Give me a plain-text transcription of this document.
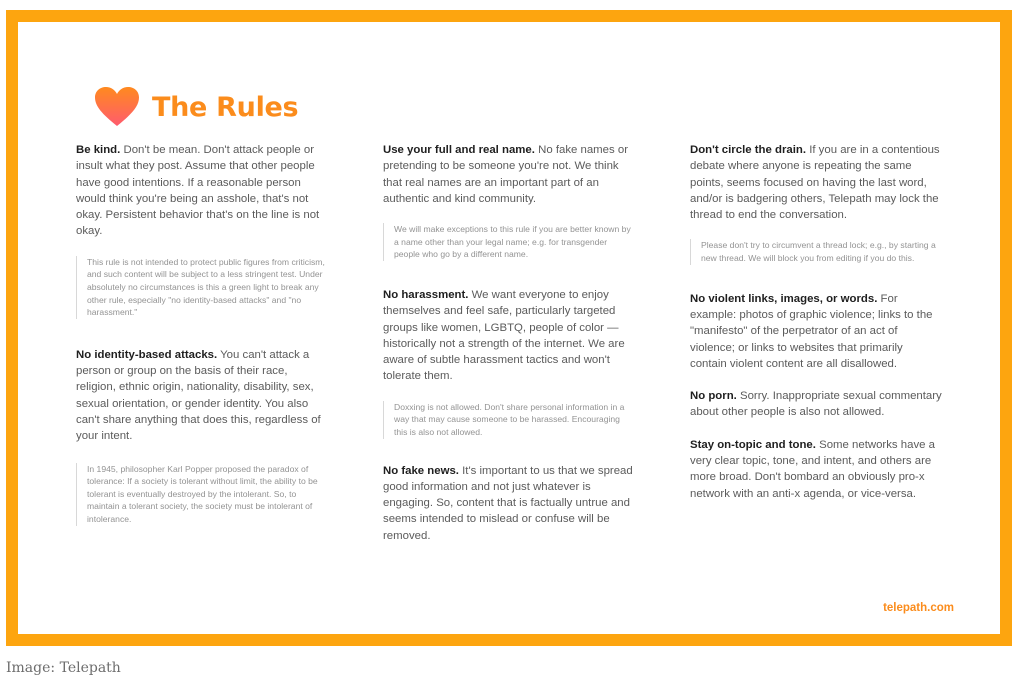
The Rules

Be kind. Don't be mean. Don't attack people or insult what they post. Assume that other people have good intentions. If a reasonable person would think you're being an asshole, that's not okay. Persistent behavior that's on the line is not okay.

This rule is not intended to protect public figures from criticism, and such content will be subject to a less stringent test. Under absolutely no circumstances is this a green light to break any other rule, especially "no identity-based attacks" and "no harassment."

No identity-based attacks. You can't attack a person or group on the basis of their race, religion, ethnic origin, nationality, disability, sex, sexual orientation, or gender identity. You also can't share anything that does this, regardless of your intent.

In 1945, philosopher Karl Popper proposed the paradox of tolerance: If a society is tolerant without limit, the ability to be tolerant is eventually destroyed by the intolerant. So, to maintain a tolerant society, the society must be intolerant of intolerance.

Use your full and real name. No fake names or pretending to be someone you're not. We think that real names are an important part of an authentic and kind community.

We will make exceptions to this rule if you are better known by a name other than your legal name; e.g. for transgender people who go by a different name.

No harassment. We want everyone to enjoy themselves and feel safe, particularly targeted groups like women, LGBTQ, people of color — historically not a strength of the internet. We are aware of subtle harassment tactics and won't tolerate them.

Doxxing is not allowed. Don't share personal information in a way that may cause someone to be harassed. Encouraging this is also not allowed.

No fake news. It's important to us that we spread good information and not just whatever is engaging. So, content that is factually untrue and seems intended to mislead or confuse will be removed.

Don't circle the drain. If you are in a contentious debate where anyone is repeating the same points, seems focused on having the last word, and/or is badgering others, Telepath may lock the thread to end the conversation.

Please don't try to circumvent a thread lock; e.g., by starting a new thread. We will block you from editing if you do this.

No violent links, images, or words. For example: photos of graphic violence; links to the "manifesto" of the perpetrator of an act of violence; or links to websites that primarily contain violent content are all disallowed.

No porn. Sorry. Inappropriate sexual commentary about other people is also not allowed.

Stay on-topic and tone. Some networks have a very clear topic, tone, and intent, and others are more broad. Don't bombard an obviously pro-x network with an anti-x agenda, or vice-versa.

telepath.com
Image: Telepath
